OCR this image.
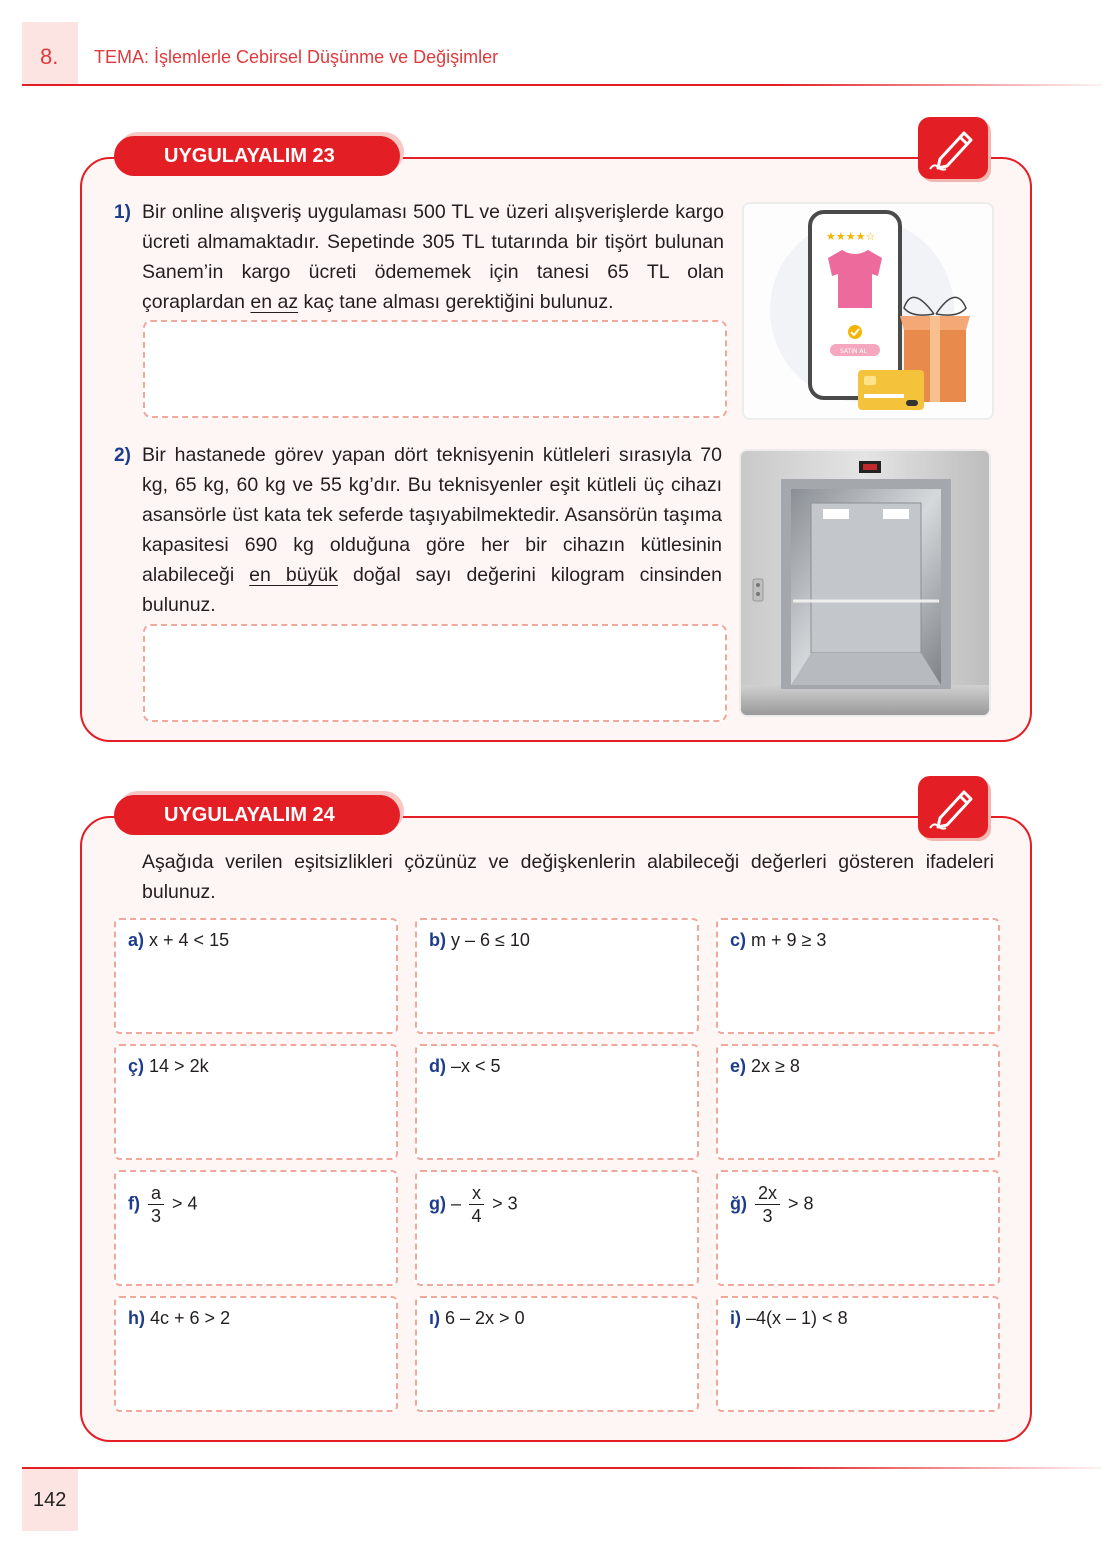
8. TEMA: İşlemlerle Cebirsel Düşünme ve Değişimler
UYGULAYALIM 23
1) Bir online alışveriş uygulaması 500 TL ve üzeri alışverişlerde kargo ücreti almamaktadır. Sepetinde 305 TL tutarında bir tişört bulunan Sanem’in kargo ücreti ödememek için tanesi 65 TL olan çoraplardan en az kaç tane alması gerektiğini bulunuz.
★★★★☆
SATIN AL
2) Bir hastanede görev yapan dört teknisyenin kütleleri sırasıyla 70 kg, 65 kg, 60 kg ve 55 kg’dır. Bu teknisyenler eşit kütleli üç cihazı asansörle üst kata tek seferde taşıyabilmektedir. Asansörün taşıma kapasitesi 690 kg olduğuna göre her bir cihazın kütlesinin alabileceği en büyük doğal sayı değerini kilogram cinsinden bulunuz.
UYGULAYALIM 24
Aşağıda verilen eşitsizlikleri çözünüz ve değişkenlerin alabileceği değerleri gösteren ifadeleri bulunuz.
a) x + 4 < 15	b) y – 6 ≤ 10	c) m + 9 ≥ 3
ç) 14 > 2k	d) –x < 5	e) 2x ≥ 8
$f) \frac{a}{3} > 4$	$g) - \frac{x}{4} > 3$	ğ) $\frac{2x}{3} > 8$
h) 4c + 6 > 2	ı) 6 – 2x > 0	i) –4(x – 1) < 8
142
